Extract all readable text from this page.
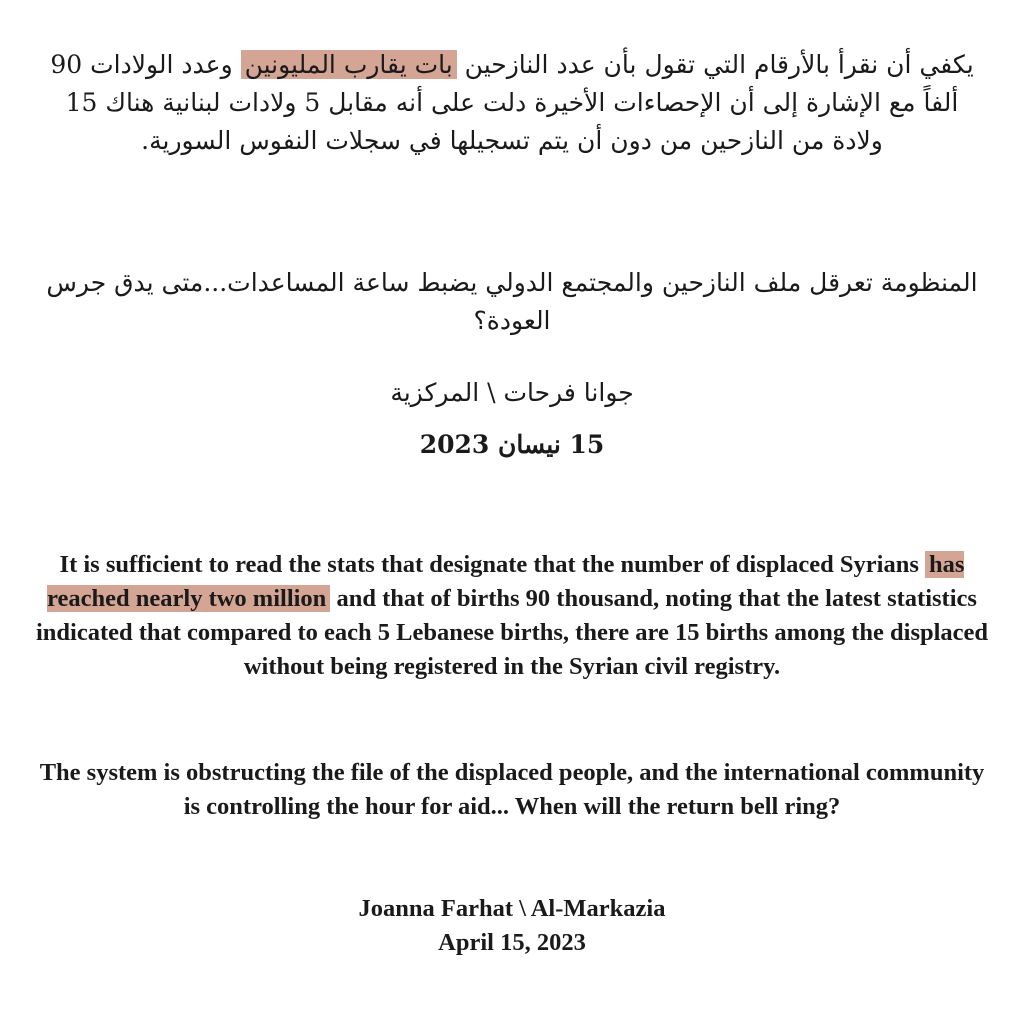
يكفي أن نقرأ بالأرقام التي تقول بأن عدد النازحين بات يقارب المليونين وعدد الولادات 90 ألفاً مع الإشارة إلى أن الإحصاءات الأخيرة دلت على أنه مقابل 5 ولادات لبنانية هناك 15 ولادة من النازحين من دون أن يتم تسجيلها في سجلات النفوس السورية.
المنظومة تعرقل ملف النازحين والمجتمع الدولي يضبط ساعة المساعدات...متى يدق جرس العودة؟
جوانا فرحات \ المركزية
15 نيسان 2023
It is sufficient to read the stats that designate that the number of displaced Syrians has reached nearly two million and that of births 90 thousand, noting that the latest statistics indicated that compared to each 5 Lebanese births, there are 15 births among the displaced without being registered in the Syrian civil registry.
The system is obstructing the file of the displaced people, and the international community is controlling the hour for aid... When will the return bell ring?
Joanna Farhat \ Al-Markazia
April 15, 2023
